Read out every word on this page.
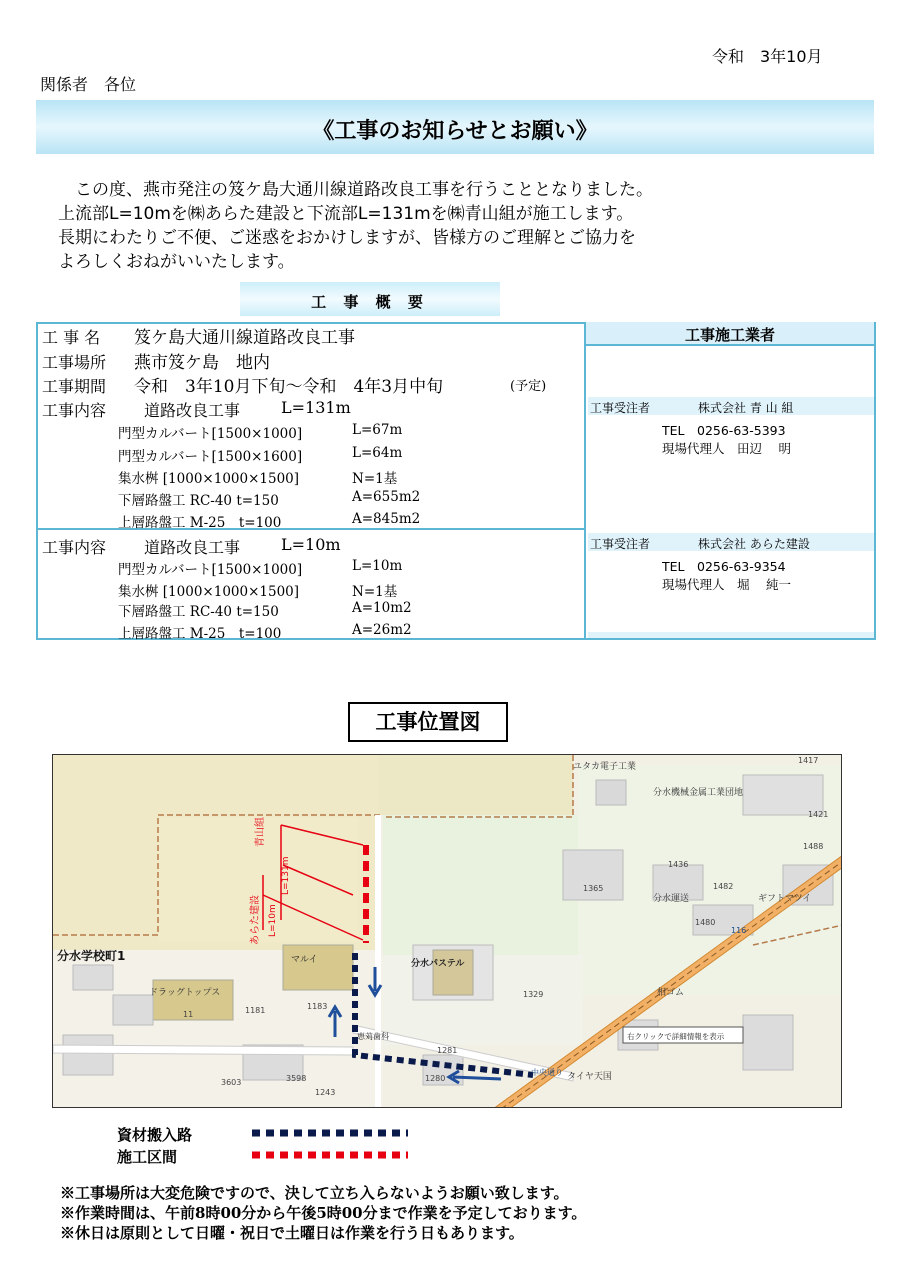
令和　3年10月
関係者　各位
《工事のお知らせとお願い》

　この度、燕市発注の笈ケ島大通川線道路改良工事を行うこととなりました。

上流部L=10mを㈱あらた建設と下流部L=131mを㈱青山組が施工します。

長期にわたりご不便、ご迷惑をおかけしますが、皆様方のご理解とご協力を

よろしくおねがいいたします。

工 事 概 要
工事施工業者
工 事 名 笈ケ島大通川線道路改良工事
工事場所 燕市笈ケ島　地内
工事期間 令和　3年10月下旬～令和　4年3月中旬	(予定)
工事内容 道路改良工事	L=131m
門型カルバート[1500×1000]	L=67m
門型カルバート[1500×1600]	L=64m
集水桝 [1000×1000×1500]	N=1基
下層路盤工 RC-40 t=150	A=655m2
上層路盤工 M-25　t=100	A=845m2
工事内容 道路改良工事	L=10m
門型カルバート[1500×1000]	L=10m
集水桝 [1000×1000×1500]	N=1基
下層路盤工 RC-40 t=150	A=10m2
上層路盤工 M-25　t=100	A=26m2
工事受注者	株式会社 青 山 組
TEL　0256-63-5393
現場代理人　田辺　 明
工事受注者	株式会社 あらた建設
TEL　0256-63-9354
現場代理人　堀　 純一
工事位置図
ユタカ電子工業
分水機械金属工業団地
1417
1421
1488
1436
1365	1482
分水運送	ギフトマツイ
1480
116
分水学校町1	マルイ	分水パステル
ドラッグトップス
11	1181	1183
1329	相ゴム
右クリックで詳細情報を表示
恵苅歯科
1281
1280
中央通り タイヤ天国
3603	3598
1243
青山組
L=131m
あらた建設 L=10m
資材搬入路
施工区間

※工事場所は大変危険ですので、決して立ち入らないようお願い致します。

※作業時間は、午前8時00分から午後5時00分まで作業を予定しております。

※休日は原則として日曜・祝日で土曜日は作業を行う日もあります。
